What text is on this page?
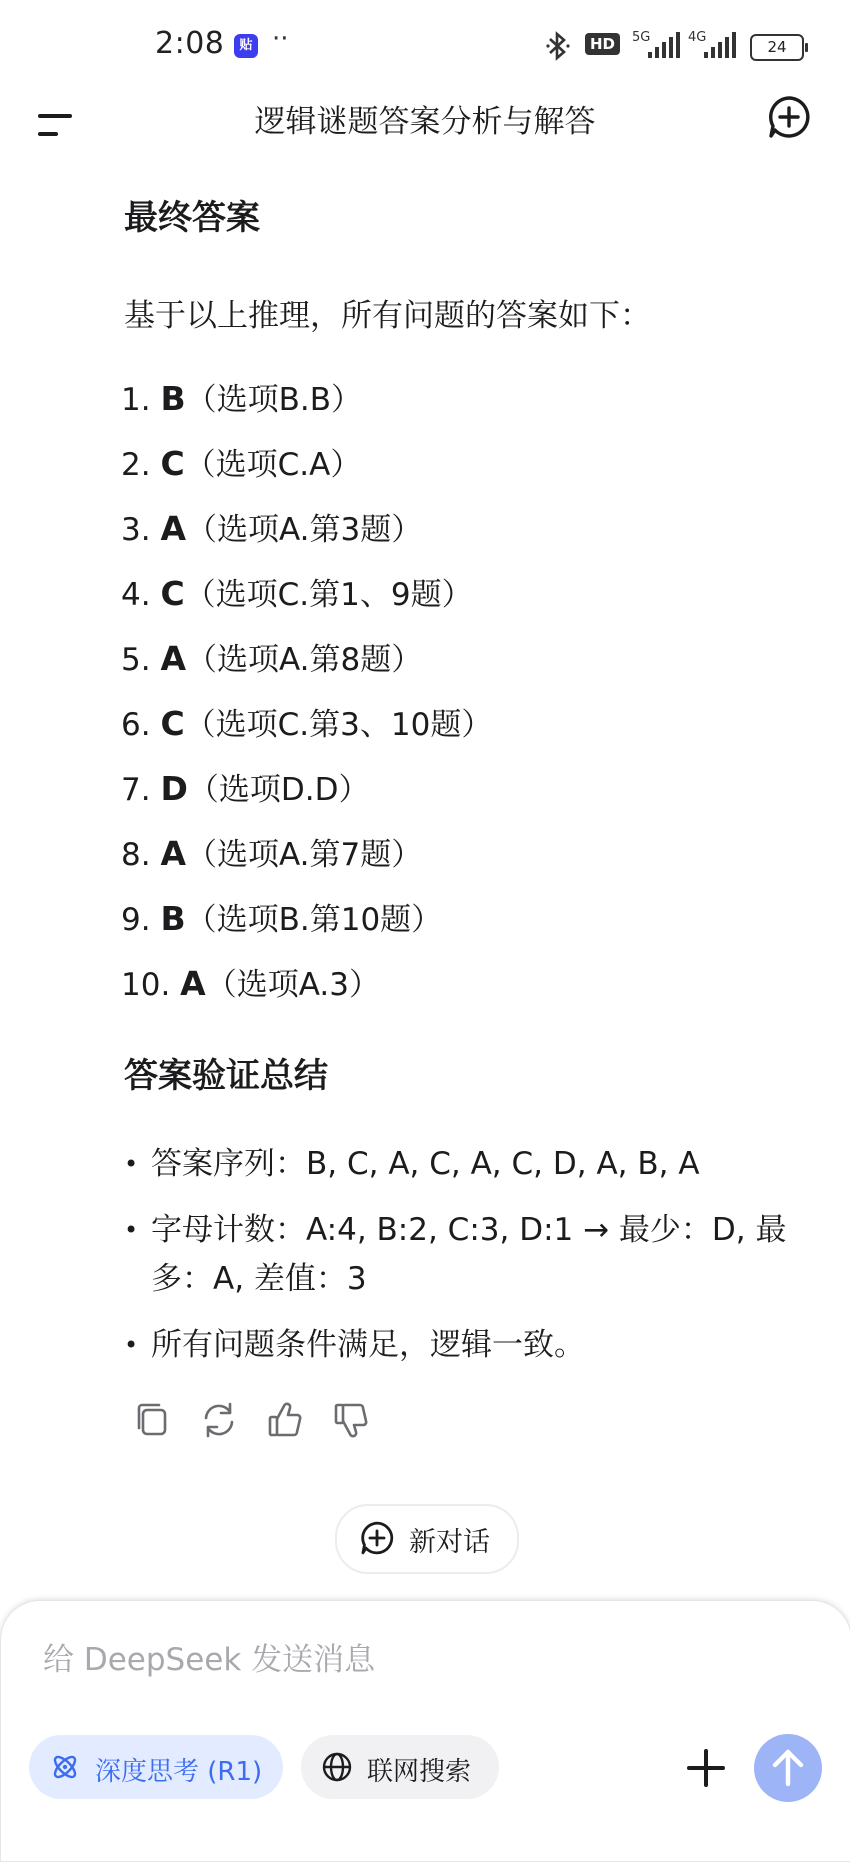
2:08	贴 ··	HD	5G	4G
24
逻辑谜题答案分析与解答
最终答案
基于以上推理，所有问题的答案如下：
1. B（选项B.B）
2. C（选项C.A）
3. A（选项A.第3题）
4. C（选项C.第1、9题）
5. A（选项A.第8题）
6. C（选项C.第3、10题）
7. D（选项D.D）
8. A（选项A.第7题）
9. B（选项B.第10题）
10. A（选项A.3）
答案验证总结
• 答案序列：B, C, A, C, A, C, D, A, B, A
• 字母计数：A:4, B:2, C:3, D:1 → 最少：D, 最多：A, 差值：3
• 所有问题条件满足，逻辑一致。
新对话
给 DeepSeek 发送消息
深度思考 (R1)	联网搜索
